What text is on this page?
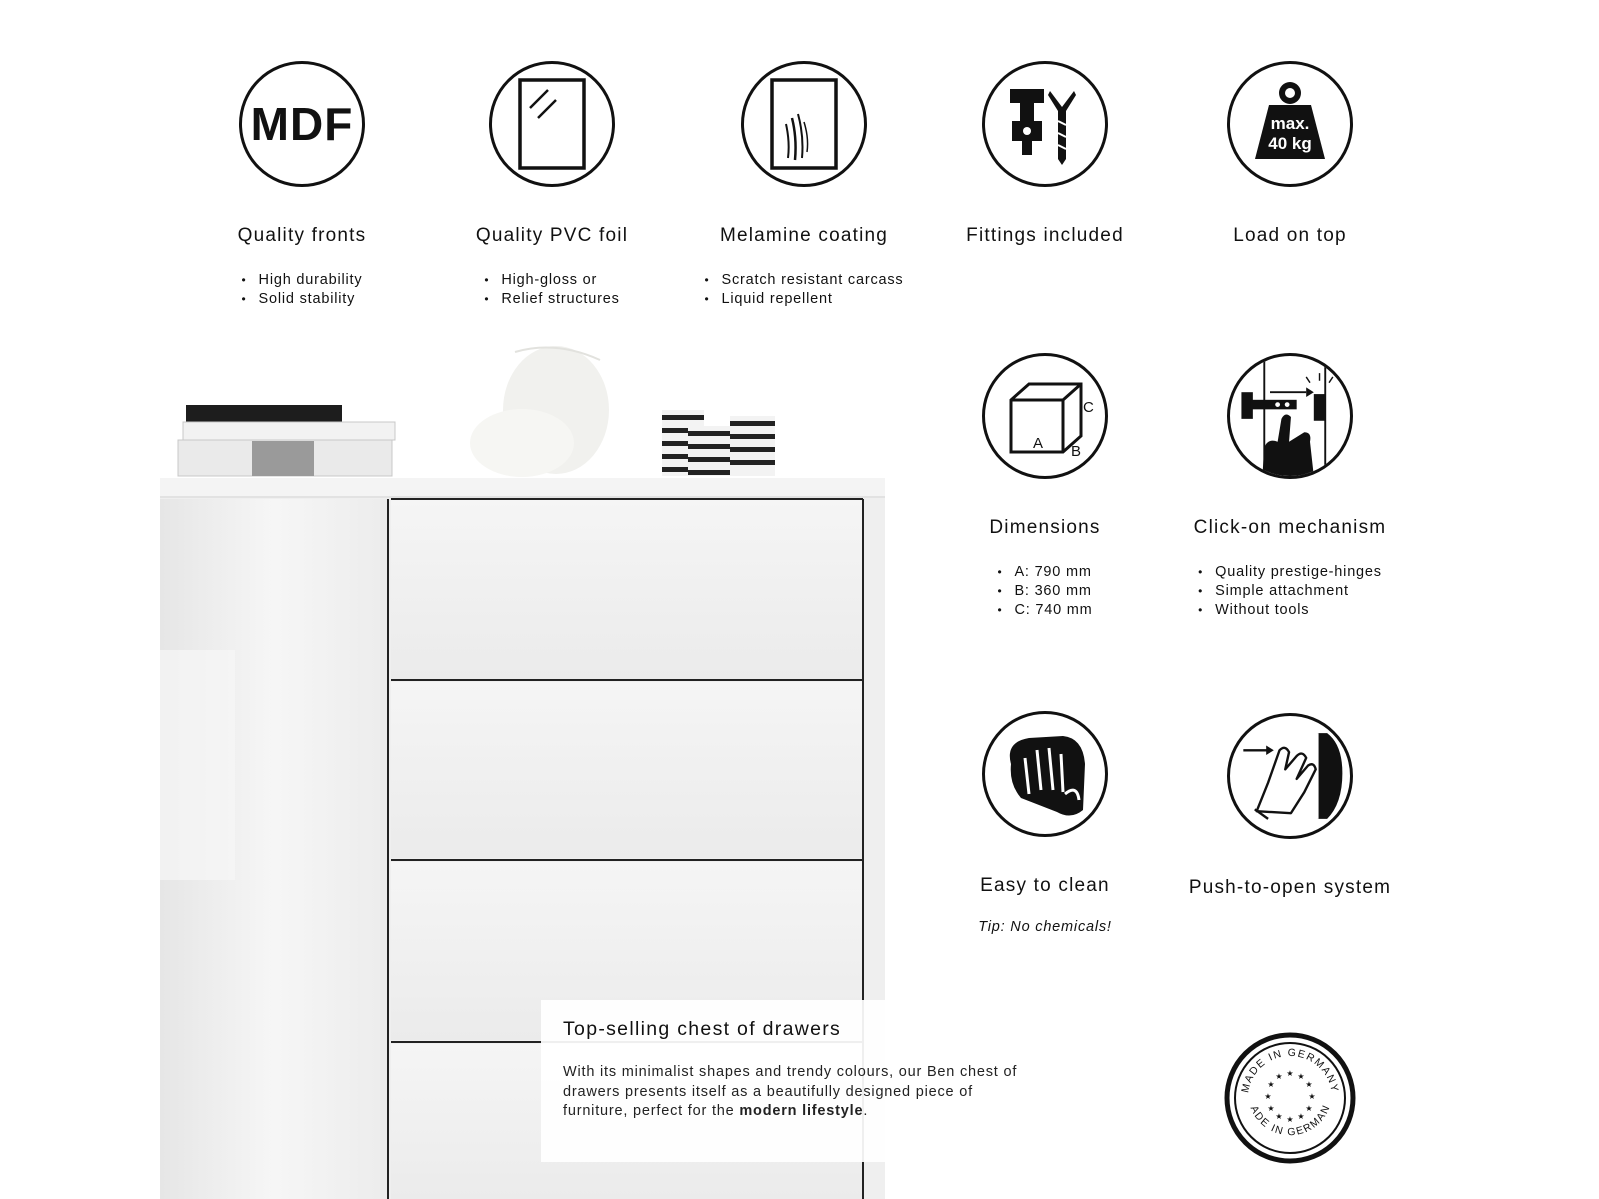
MDF
Quality fronts
• High durability
• Solid stability
Quality PVC foil
• High-gloss or
• Relief structures
Melamine coating
• Scratch resistant carcass
• Liquid repellent
Fittings included
max.
40 kg
Load on top
A B
C
Dimensions
• A: 790 mm
• B: 360 mm
• C: 740 mm
Click-on mechanism
• Quality prestige-hinges
• Simple attachment
• Without tools
Easy to clean
Tip: No chemicals!
Push-to-open system
Top-selling chest of drawers
With its minimalist shapes and trendy colours, our Ben chest of drawers presents itself as a beautifully designed piece of furniture, perfect for the modern lifestyle.
MADE IN GERMANY
ADE IN GERMAN
★ ★
★
★
★
★
★
★
★
★
★
★
